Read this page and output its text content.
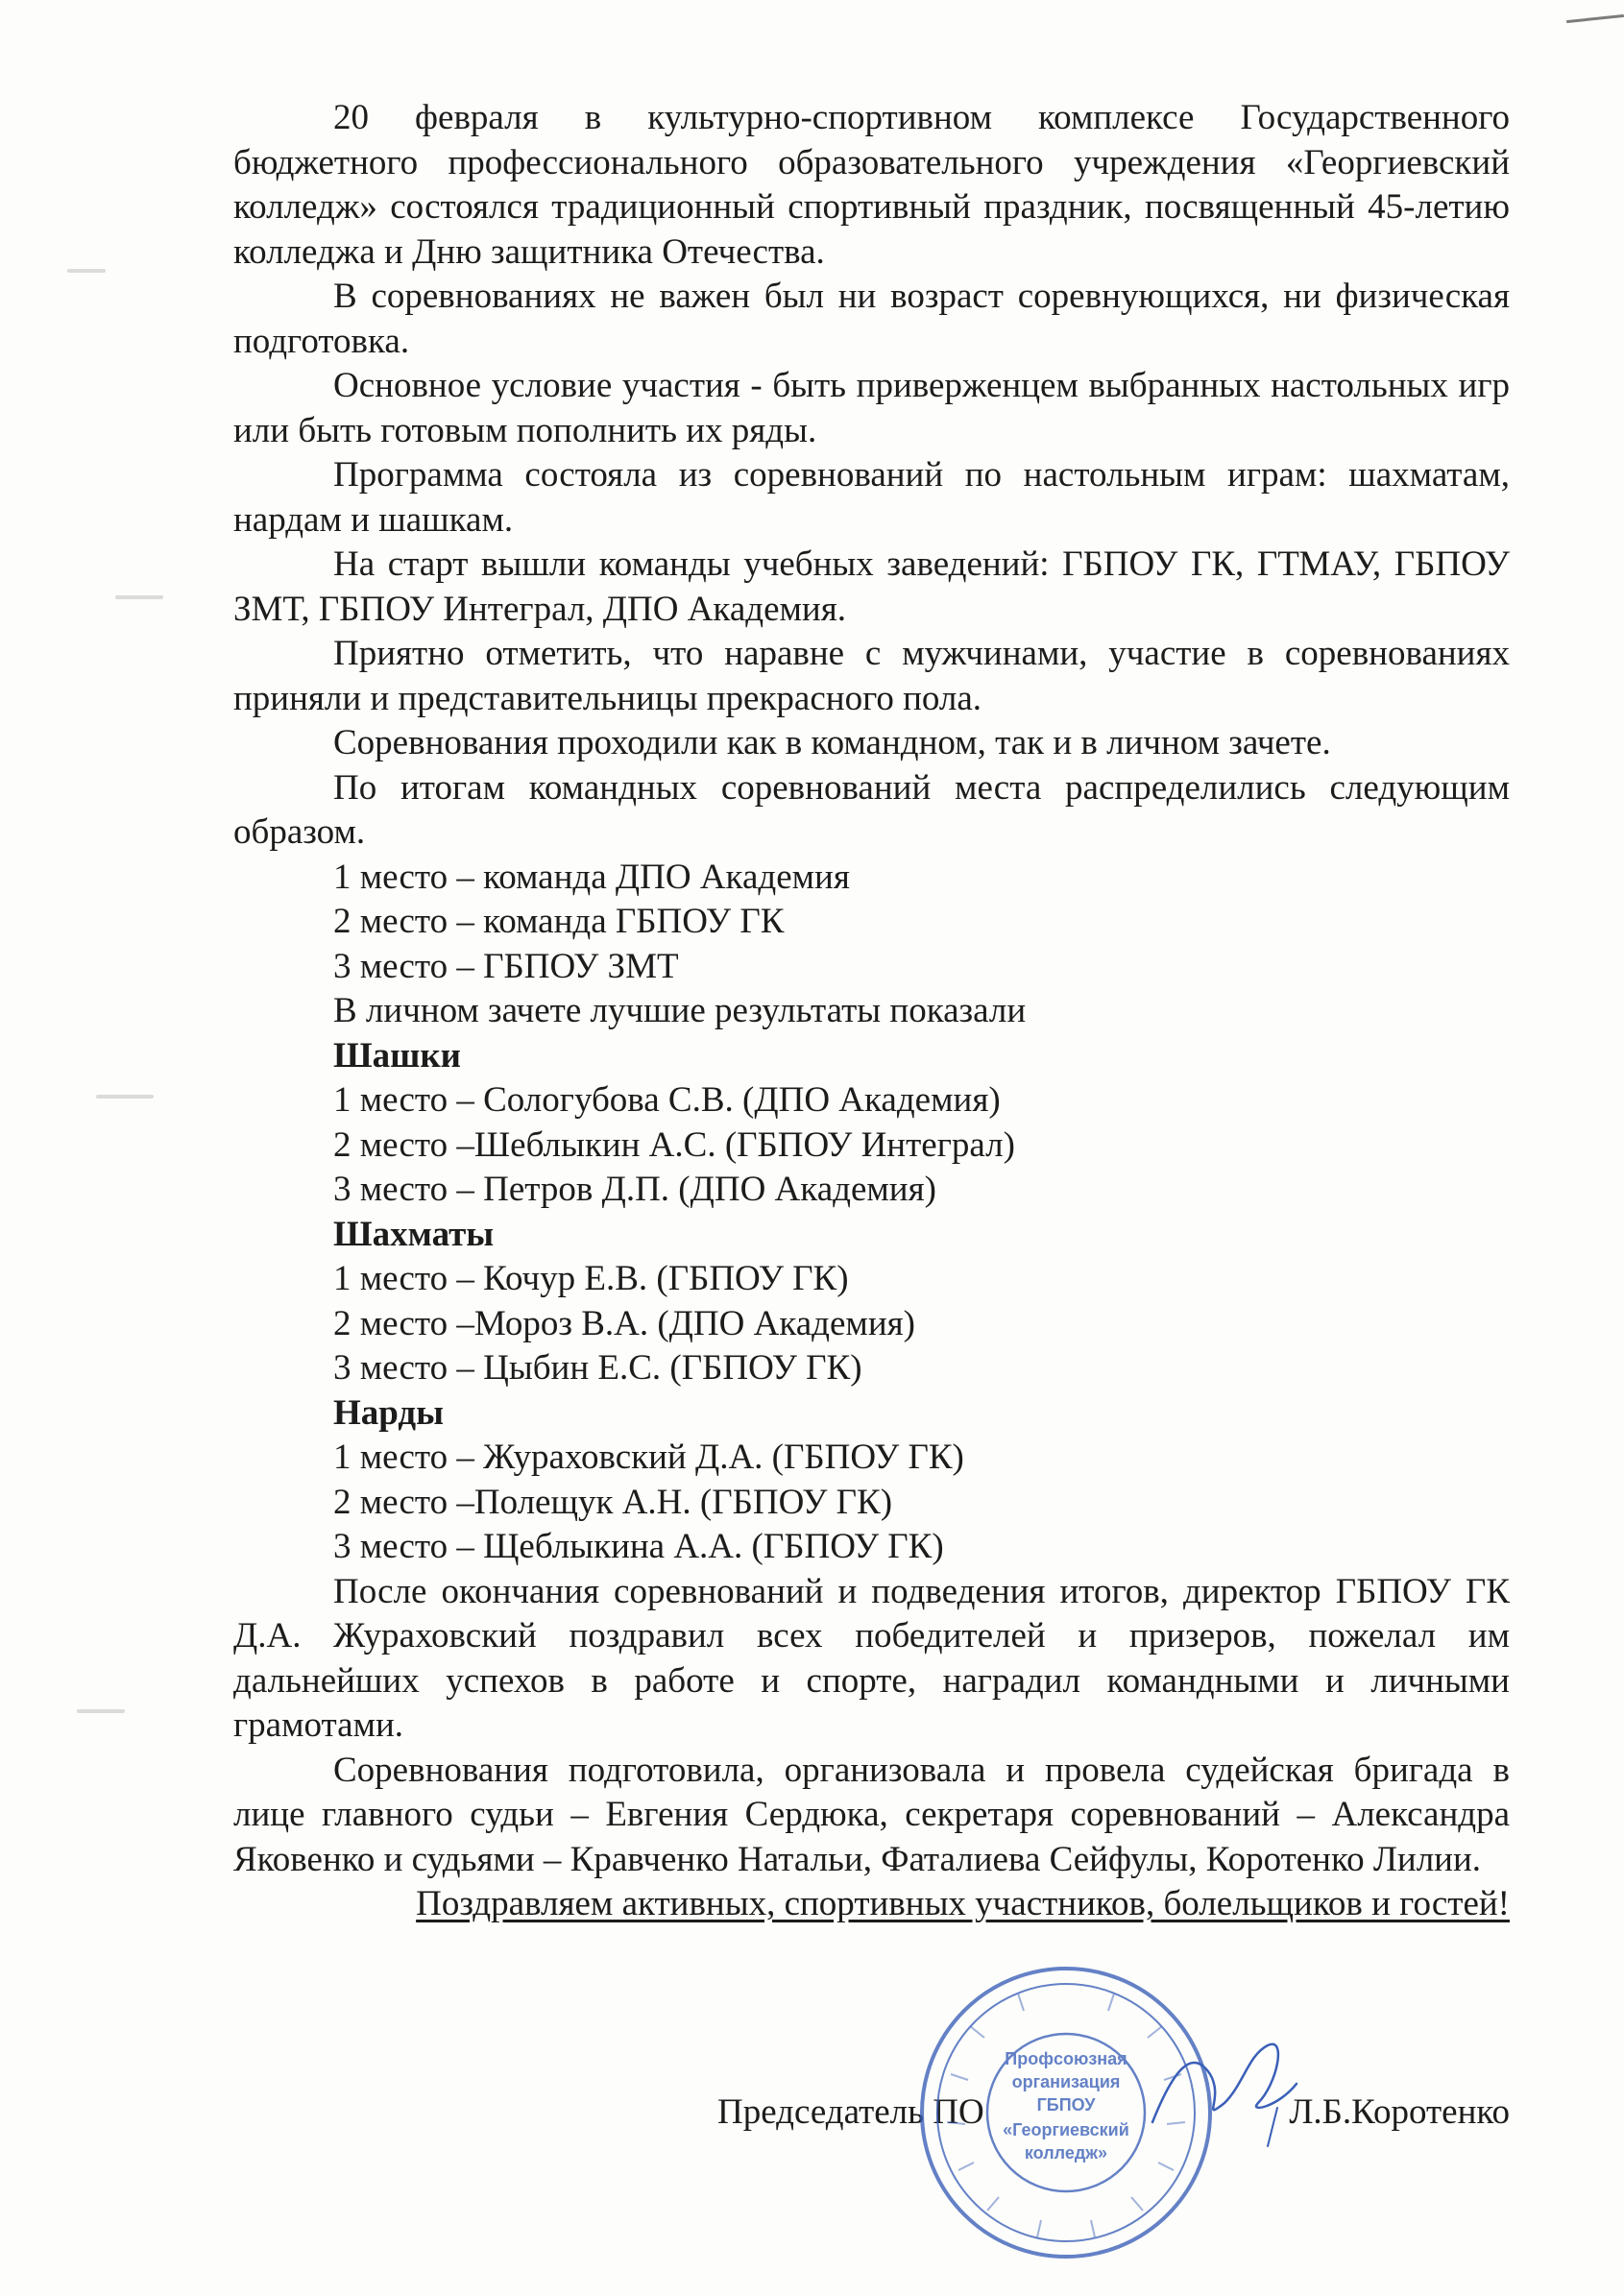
20 февраля в культурно-спортивном комплексе Государственного бюджетного профессионального образовательного учреждения «Георгиевский колледж» состоялся традиционный спортивный праздник, посвященный 45-летию колледжа и Дню защитника Отечества.

В соревнованиях не важен был ни возраст соревнующихся, ни физическая подготовка.

Основное условие участия - быть приверженцем выбранных настольных игр или быть готовым пополнить их ряды.

Программа состояла из соревнований по настольным играм: шахматам, нардам и шашкам.

На старт вышли команды учебных заведений: ГБПОУ ГК, ГТМАУ, ГБПОУ ЗМТ, ГБПОУ Интеграл, ДПО Академия.

Приятно отметить, что наравне с мужчинами, участие в соревнованиях приняли и представительницы прекрасного пола.

Соревнования проходили как в командном, так и в личном зачете.

По итогам командных соревнований места распределились следующим образом.

1 место – команда ДПО Академия

2 место – команда ГБПОУ ГК

3 место – ГБПОУ ЗМТ

В личном зачете лучшие результаты показали

Шашки

1 место – Сологубова С.В. (ДПО Академия)

2 место –Шеблыкин А.С. (ГБПОУ Интеграл)

3 место – Петров Д.П. (ДПО Академия)

Шахматы

1 место – Кочур Е.В. (ГБПОУ ГК)

2 место –Мороз В.А. (ДПО Академия)

3 место – Цыбин Е.С. (ГБПОУ ГК)

Нарды

1 место – Жураховский Д.А. (ГБПОУ ГК)

2 место –Полещук А.Н. (ГБПОУ ГК)

3 место – Щеблыкина А.А. (ГБПОУ ГК)

После окончания соревнований и подведения итогов, директор ГБПОУ ГК Д.А. Жураховский поздравил всех победителей и призеров, пожелал им дальнейших успехов в работе и спорте, наградил командными и личными грамотами.

Соревнования подготовила, организовала и провела судейская бригада в лице главного судьи – Евгения Сердюка, секретаря соревнований – Александра Яковенко и судьями – Кравченко Натальи, Фаталиева Сейфулы, Коротенко Лилии.

Поздравляем активных, спортивных участников, болельщиков и гостей!

Председатель ПО	Л.Б.Коротенко
Профсоюзная
организация
ГБПОУ
«Георгиевский
колледж»
